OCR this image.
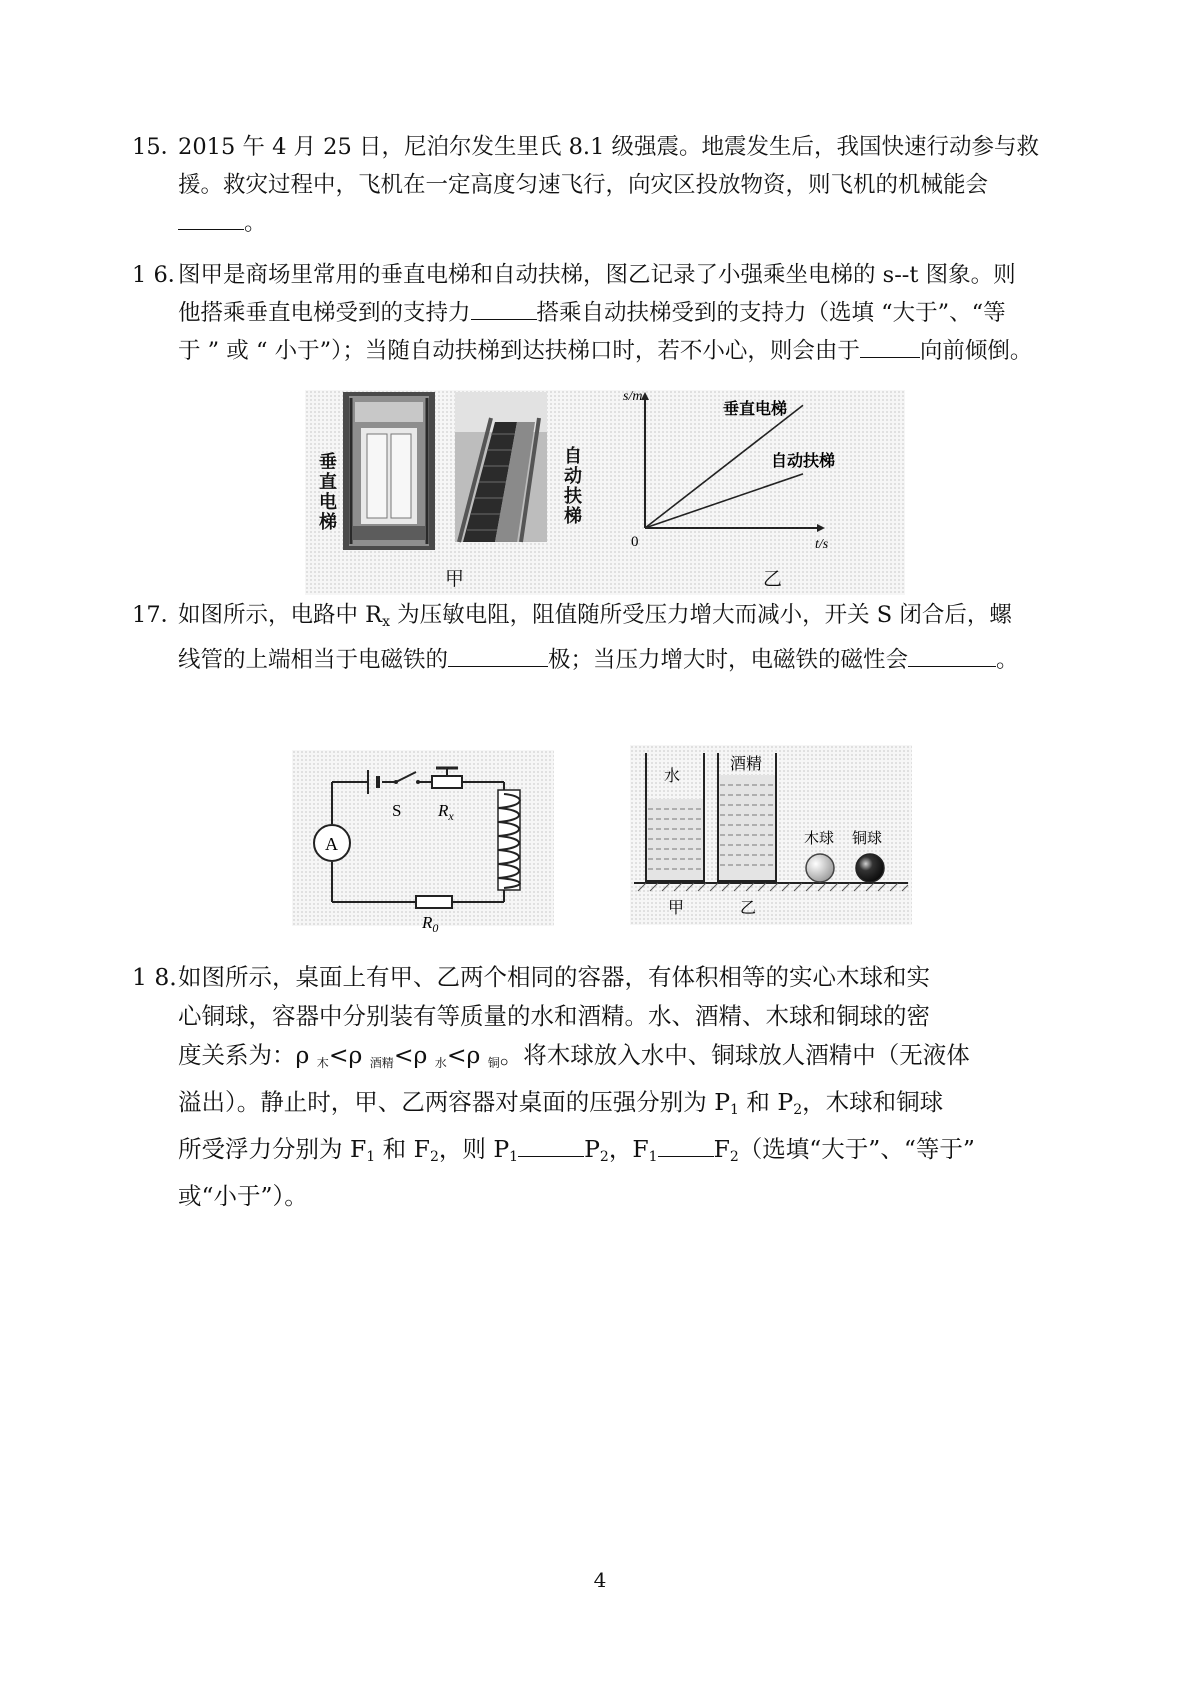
15．
2015 午 4 月 25 日，尼泊尔发生里氏 8.1 级强震。地震发生后，我国快速行动参与救
援。救灾过程中，飞机在一定高度匀速飞行，向灾区投放物资，则飞机的机械能会
。
1 6．
图甲是商场里常用的垂直电梯和自动扶梯，图乙记录了小强乘坐电梯的 s--t 图象。则
他搭乘垂直电梯受到的支持力	搭乘自动扶梯受到的支持力（选填 “大于”、“等
于 ” 或 “ 小于”）；当随自动扶梯到达扶梯口时，若不小心，则会由于	向前倾倒。
垂直电梯	自动扶梯
甲
s/m
t/s
0
垂直电梯
自动扶梯
乙
17．
如图所示，电路中 $R_x$ 为压敏电阻，阻值随所受压力增大而减小，开关 S 闭合后，螺
线管的上端相当于电磁铁的	极；当压力增大时，电磁铁的磁性会	。
A
S $R_x$
$R_0$
水
酒精
木球 铜球
甲	乙
1 8．
如图所示，桌面上有甲、乙两个相同的容器，有体积相等的实心木球和实
心铜球，容器中分别装有等质量的水和酒精。水、酒精、木球和铜球的密
度关系为：ρ $_木$<ρ $_{酒精}$<ρ $_水$<ρ $_铜$。将木球放入水中、铜球放人酒精中（无液体
溢出）。静止时，甲、乙两容器对桌面的压强分别为 $P_1$ 和 $P_2$，木球和铜球
所受浮力分别为 $F_1$ 和 $F_2$，则 $P_1$	$P_2$，$F_1$ $F_2$（选填“大于”、“等于”
或“小于”）。
4
